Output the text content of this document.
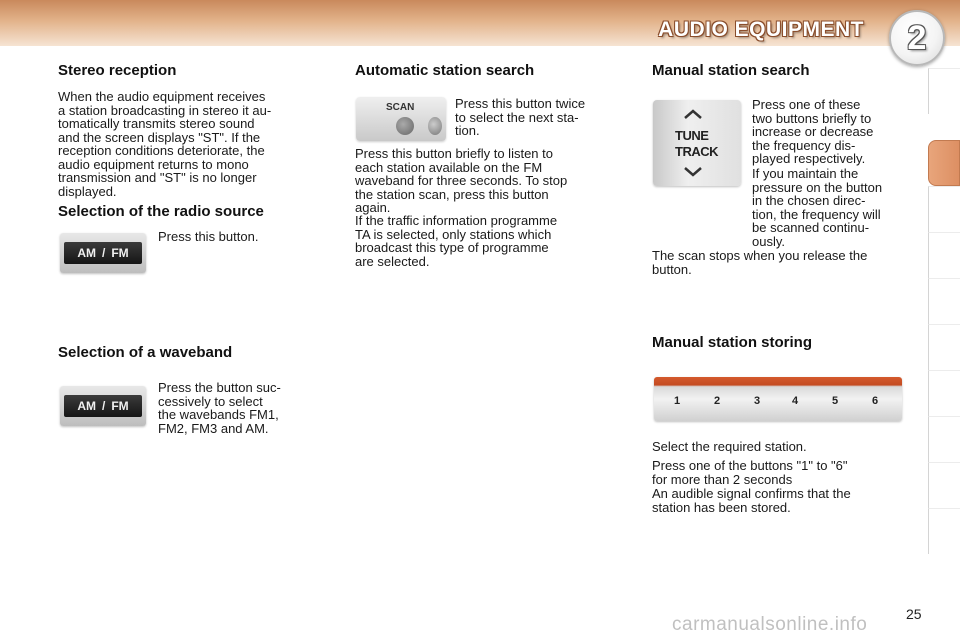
AUDIO EQUIPMENT 2
Stereo reception

When the audio equipment receives
a station broadcasting in stereo it au-
tomatically transmits stereo sound
and the screen displays "ST". If the
reception conditions deteriorate, the
audio equipment returns to mono
transmission and "ST" is no longer
displayed.

Selection of the radio source
AM / FM

Press this button.

Selection of a waveband
AM / FM

Press the button suc-
cessively to select
the wavebands FM1,
FM2, FM3 and AM.

Automatic station search
SCAN	Press this button twice
to select the next sta-
tion.

Press this button briefly to listen to
each station available on the FM
waveband for three seconds. To stop
the station scan, press this button
again.

If the traffic information programme
TA is selected, only stations which
broadcast this type of programme
are selected.

Manual station search
TUNE
TRACK

Press one of these
two buttons briefly to
increase or decrease
the frequency dis-
played respectively.

If you maintain the
pressure on the button
in the chosen direc-
tion, the frequency will
be scanned continu-
ously.

The scan stops when you release the
button.

Manual station storing
1	2	3	4	5	6

Select the required station.

Press one of the buttons "1" to "6"
for more than 2 seconds

An audible signal confirms that the
station has been stored.

25
carmanualsonline.info
